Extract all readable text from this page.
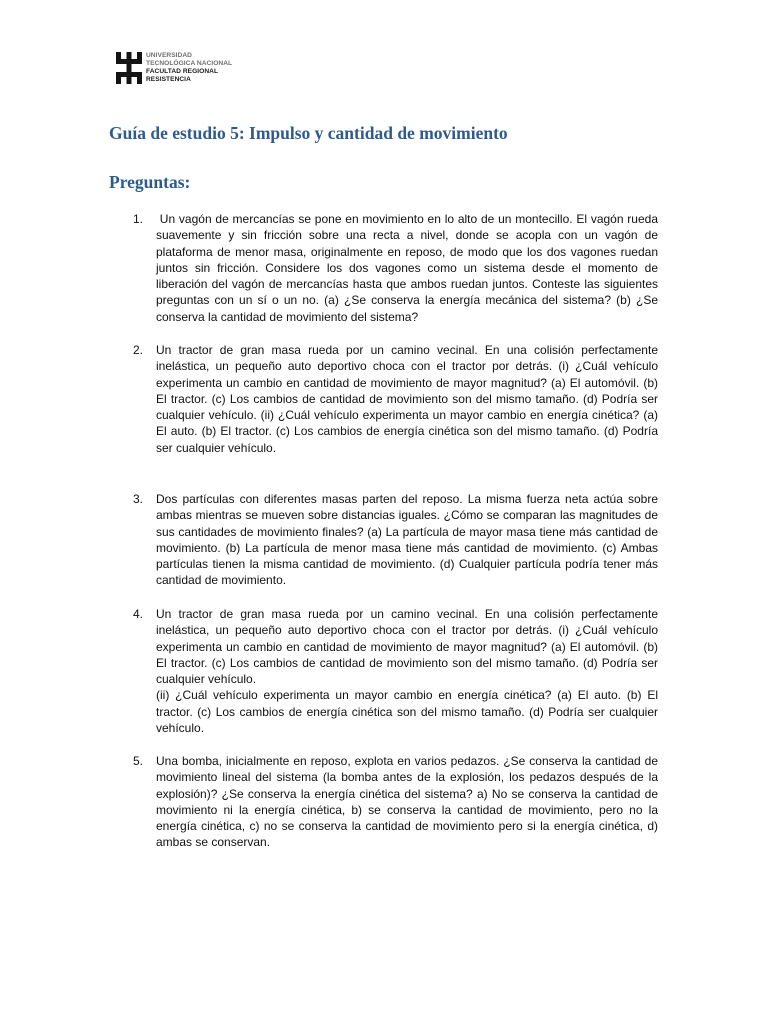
UNIVERSIDAD
TECNOLÓGICA NACIONAL
FACULTAD REGIONAL
RESISTENCIA
Guía de estudio 5: Impulso y cantidad de movimiento
Preguntas:
1. Un vagón de mercancías se pone en movimiento en lo alto de un montecillo. El vagón rueda suavemente y sin fricción sobre una recta a nivel, donde se acopla con un vagón de plataforma de menor masa, originalmente en reposo, de modo que los dos vagones ruedan juntos sin fricción. Considere los dos vagones como un sistema desde el momento de liberación del vagón de mercancías hasta que ambos ruedan juntos. Conteste las siguientes preguntas con un sí o un no. (a) ¿Se conserva la energía mecánica del sistema? (b) ¿Se conserva la cantidad de movimiento del sistema?

2. Un tractor de gran masa rueda por un camino vecinal. En una colisión perfectamente inelástica, un pequeño auto deportivo choca con el tractor por detrás. (i) ¿Cuál vehículo experimenta un cambio en cantidad de movimiento de mayor magnitud? (a) El automóvil. (b) El tractor. (c) Los cambios de cantidad de movimiento son del mismo tamaño. (d) Podría ser cualquier vehículo. (ii) ¿Cuál vehículo experimenta un mayor cambio en energía cinética? (a) El auto. (b) El tractor. (c) Los cambios de energía cinética son del mismo tamaño. (d) Podría ser cualquier vehículo.

3. Dos partículas con diferentes masas parten del reposo. La misma fuerza neta actúa sobre ambas mientras se mueven sobre distancias iguales. ¿Cómo se comparan las magnitudes de sus cantidades de movimiento finales? (a) La partícula de mayor masa tiene más cantidad de movimiento. (b) La partícula de menor masa tiene más cantidad de movimiento. (c) Ambas partículas tienen la misma cantidad de movimiento. (d) Cualquier partícula podría tener más cantidad de movimiento.

4. Un tractor de gran masa rueda por un camino vecinal. En una colisión perfectamente inelástica, un pequeño auto deportivo choca con el tractor por detrás. (i) ¿Cuál vehículo experimenta un cambio en cantidad de movimiento de mayor magnitud? (a) El automóvil. (b) El tractor. (c) Los cambios de cantidad de movimiento son del mismo tamaño. (d) Podría ser cualquier vehículo.

(ii) ¿Cuál vehículo experimenta un mayor cambio en energía cinética? (a) El auto. (b) El tractor. (c) Los cambios de energía cinética son del mismo tamaño. (d) Podría ser cualquier vehículo.

5. Una bomba, inicialmente en reposo, explota en varios pedazos. ¿Se conserva la cantidad de movimiento lineal del sistema (la bomba antes de la explosión, los pedazos después de la explosión)? ¿Se conserva la energía cinética del sistema? a) No se conserva la cantidad de movimiento ni la energía cinética, b) se conserva la cantidad de movimiento, pero no la energía cinética, c) no se conserva la cantidad de movimiento pero si la energía cinética, d) ambas se conservan.
